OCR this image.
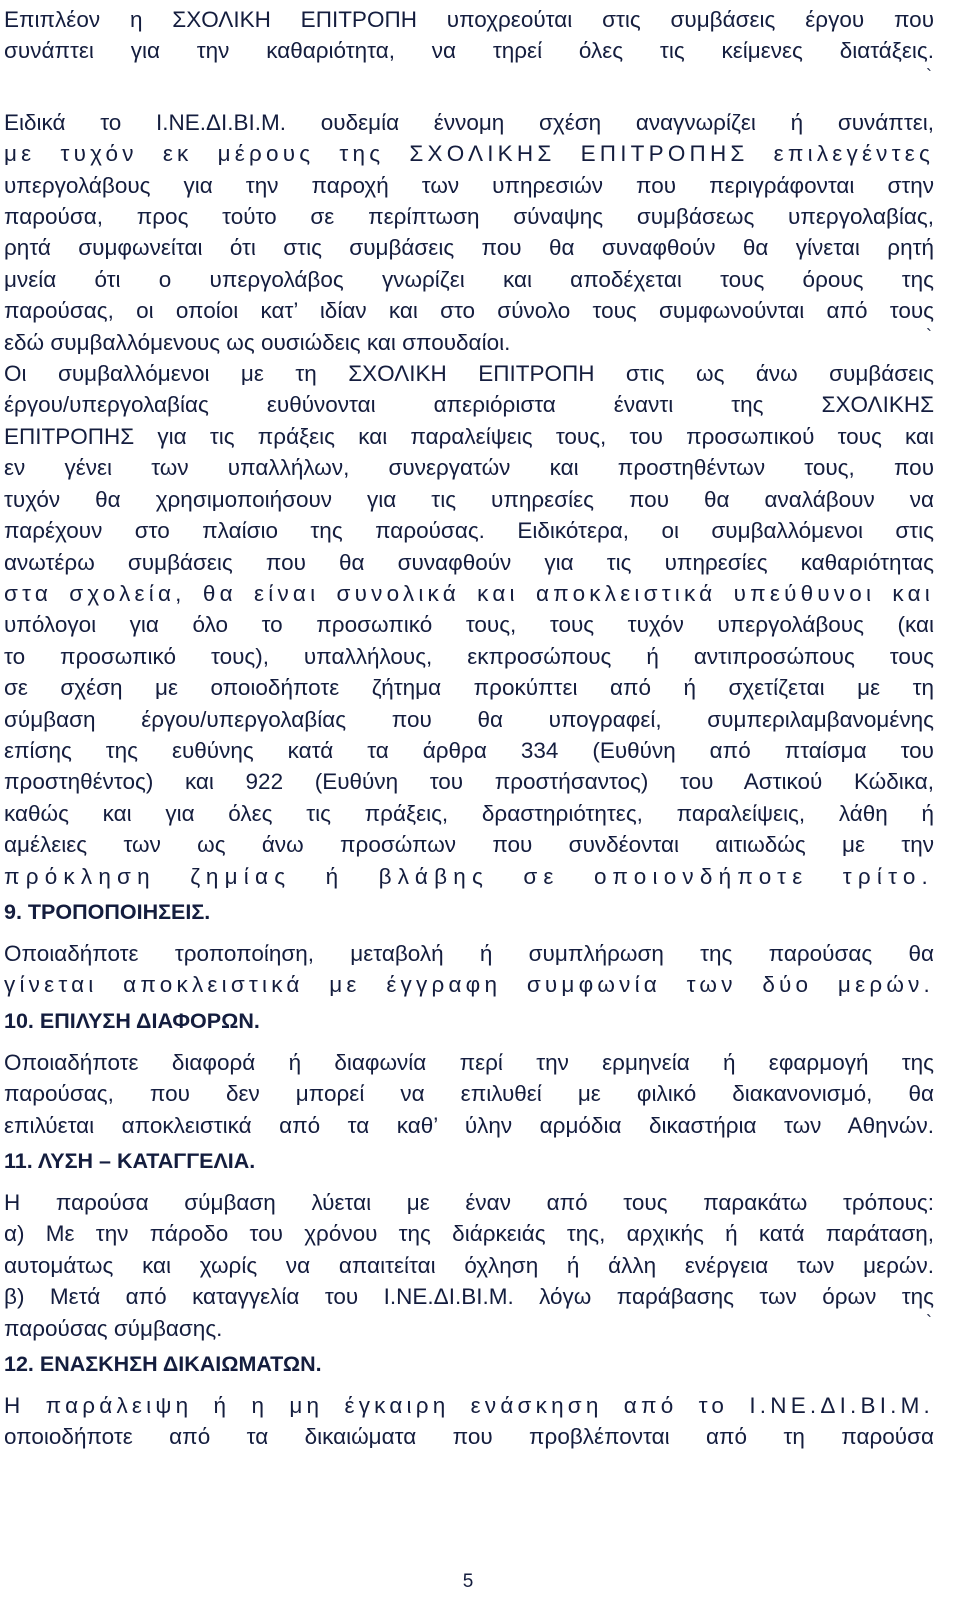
Επιπλέον η ΣΧΟΛΙΚΗ ΕΠΙΤΡΟΠΗ υποχρεούται στις συμβάσεις έργου που
συνάπτει για την καθαριότητα, να τηρεί όλες τις κείμενες διατάξεις.
`
Ειδικά το Ι.ΝΕ.ΔΙ.ΒΙ.Μ. ουδεμία έννομη σχέση αναγνωρίζει ή συνάπτει,
με τυχόν εκ μέρους της ΣΧΟΛΙΚΗΣ ΕΠΙΤΡΟΠΗΣ επιλεγέντες
υπεργολάβους για την παροχή των υπηρεσιών που περιγράφονται στην
παρούσα, προς τούτο σε περίπτωση σύναψης συμβάσεως υπεργολαβίας,
ρητά συμφωνείται ότι στις συμβάσεις που θα συναφθούν θα γίνεται ρητή
μνεία ότι ο υπεργολάβος γνωρίζει και αποδέχεται τους όρους της
παρούσας, οι οποίοι κατ’ ιδίαν και στο σύνολο τους συμφωνούνται από τους
εδώ συμβαλλόμενους ως ουσιώδεις και σπουδαίοι.	`
Οι συμβαλλόμενοι με τη ΣΧΟΛΙΚΗ ΕΠΙΤΡΟΠΗ στις ως άνω συμβάσεις
έργου/υπεργολαβίας ευθύνονται απεριόριστα έναντι της ΣΧΟΛΙΚΗΣ
ΕΠΙΤΡΟΠΗΣ για τις πράξεις και παραλείψεις τους, του προσωπικού τους και
εν γένει των υπαλλήλων, συνεργατών και προστηθέντων τους, που
τυχόν θα χρησιμοποιήσουν για τις υπηρεσίες που θα αναλάβουν να
παρέχουν στο πλαίσιο της παρούσας. Ειδικότερα, οι συμβαλλόμενοι στις
ανωτέρω συμβάσεις που θα συναφθούν για τις υπηρεσίες καθαριότητας
στα σχολεία, θα είναι συνολικά και αποκλειστικά υπεύθυνοι και
υπόλογοι για όλο το προσωπικό τους, τους τυχόν υπεργολάβους (και
το προσωπικό τους), υπαλλήλους, εκπροσώπους ή αντιπροσώπους τους
σε σχέση με οποιοδήποτε ζήτημα προκύπτει από ή σχετίζεται με τη
σύμβαση έργου/υπεργολαβίας που θα υπογραφεί, συμπεριλαμβανομένης
επίσης της ευθύνης κατά τα άρθρα 334 (Ευθύνη από πταίσμα του
προστηθέντος) και 922 (Ευθύνη του προστήσαντος) του Αστικού Κώδικα,
καθώς και για όλες τις πράξεις, δραστηριότητες, παραλείψεις, λάθη ή
αμέλειες των ως άνω προσώπων που συνδέονται αιτιωδώς με την
πρόκληση ζημίας ή βλάβης σε οποιονδήποτε τρίτο.
9. ΤΡΟΠΟΠΟΙΗΣΕΙΣ.
Οποιαδήποτε τροποποίηση, μεταβολή ή συμπλήρωση της παρούσας θα
γίνεται αποκλειστικά με έγγραφη συμφωνία των δύο μερών.
10. ΕΠΙΛΥΣΗ ΔΙΑΦΟΡΩΝ.
Οποιαδήποτε διαφορά ή διαφωνία περί την ερμηνεία ή εφαρμογή της
παρούσας, που δεν μπορεί να επιλυθεί με φιλικό διακανονισμό, θα
επιλύεται αποκλειστικά από τα καθ’ ύλην αρμόδια δικαστήρια των Αθηνών.
11. ΛΥΣΗ – ΚΑΤΑΓΓΕΛΙΑ.
Η παρούσα σύμβαση λύεται με έναν από τους παρακάτω τρόπους:
α) Με την πάροδο του χρόνου της διάρκειάς της, αρχικής ή κατά παράταση,
αυτομάτως και χωρίς να απαιτείται όχληση ή άλλη ενέργεια των μερών.
β) Μετά από καταγγελία του Ι.ΝΕ.ΔΙ.ΒΙ.Μ. λόγω παράβασης των όρων της
παρούσας σύμβασης.	`
12. ΕΝΑΣΚΗΣΗ ΔΙΚΑΙΩΜΑΤΩΝ.
Η παράλειψη ή η μη έγκαιρη ενάσκηση από το Ι.ΝΕ.ΔΙ.ΒΙ.Μ.
οποιοδήποτε από τα δικαιώματα που προβλέπονται από τη παρούσα
5
